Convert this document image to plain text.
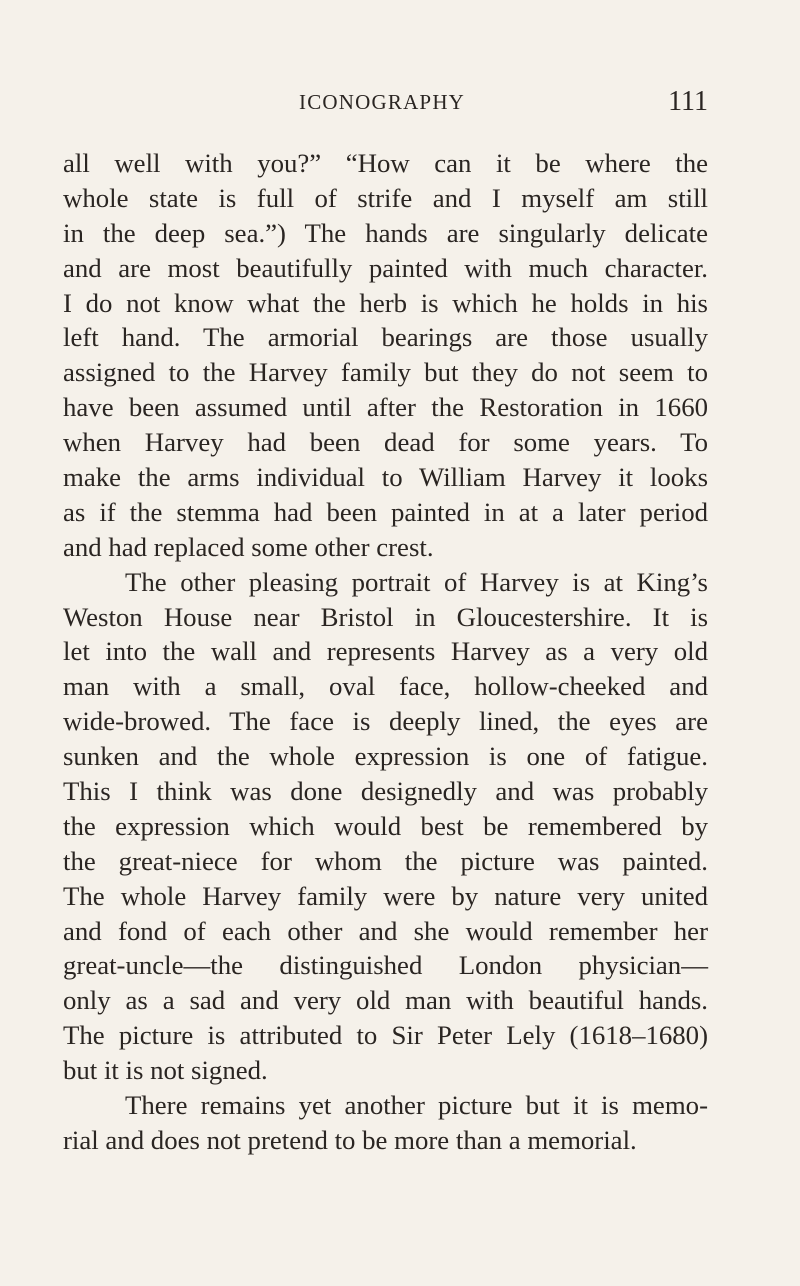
ICONOGRAPHY	111
all well with you?” “How can it be where the
whole state is full of strife and I myself am still
in the deep sea.”) The hands are singularly delicate
and are most beautifully painted with much character.
I do not know what the herb is which he holds in his
left hand. The armorial bearings are those usually
assigned to the Harvey family but they do not seem to
have been assumed until after the Restoration in 1660
when Harvey had been dead for some years. To
make the arms individual to William Harvey it looks
as if the stemma had been painted in at a later period
and had replaced some other crest.
The other pleasing portrait of Harvey is at King’s
Weston House near Bristol in Gloucestershire. It is
let into the wall and represents Harvey as a very old
man with a small, oval face, hollow-cheeked and
wide-browed. The face is deeply lined, the eyes are
sunken and the whole expression is one of fatigue.
This I think was done designedly and was probably
the expression which would best be remembered by
the great-niece for whom the picture was painted.
The whole Harvey family were by nature very united
and fond of each other and she would remember her
great-uncle—the distinguished London physician—
only as a sad and very old man with beautiful hands.
The picture is attributed to Sir Peter Lely (1618–1680)
but it is not signed.
There remains yet another picture but it is memo-
rial and does not pretend to be more than a memorial.
